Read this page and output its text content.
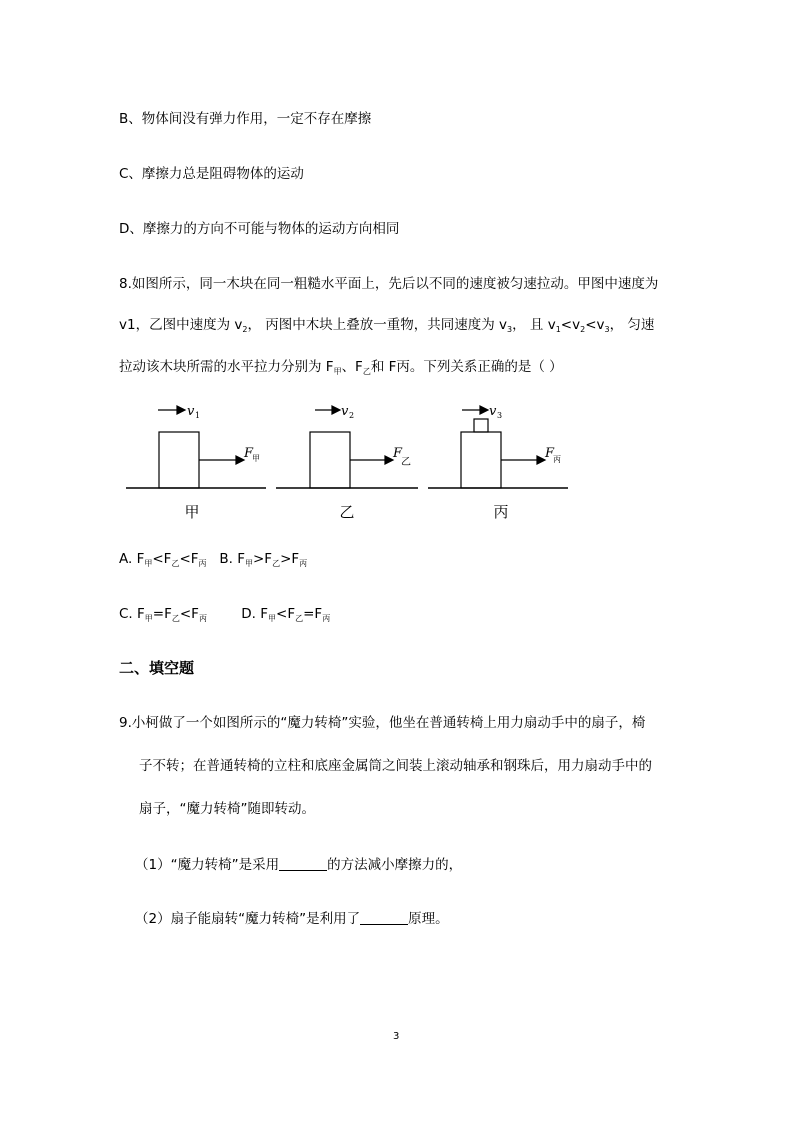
B、物体间没有弹力作用，一定不存在摩擦
C、摩擦力总是阻碍物体的运动
D、摩擦力的方向不可能与物体的运动方向相同
8.如图所示，同一木块在同一粗糙水平面上，先后以不同的速度被匀速拉动。甲图中速度为
v1，乙图中速度为 $v_2$， 丙图中木块上叠放一重物，共同速度为 $v_3$， 且 $v_1<v_2<v_3$， 匀速
拉动该木块所需的水平拉力分别为 $F_甲$、$F_乙$和 F丙。下列关系正确的是（ ）
v 1
F
甲
甲
v 2
F
乙
乙
v 3
F
丙
丙
A. $F_甲<F_乙<F_丙$ B. $F_甲>F_乙>F_丙$
C. $F_甲=F_乙<F_丙$	D. $F_甲<F_乙=F_丙$
二、填空题
9.小柯做了一个如图所示的“魔力转椅”实验，他坐在普通转椅上用力扇动手中的扇子，椅
子不转；在普通转椅的立柱和底座金属筒之间装上滚动轴承和钢珠后，用力扇动手中的
扇子，“魔力转椅”随即转动。
（1）“魔力转椅”是采用	的方法减小摩擦力的，
（2）扇子能扇转“魔力转椅”是利用了	原理。
3
